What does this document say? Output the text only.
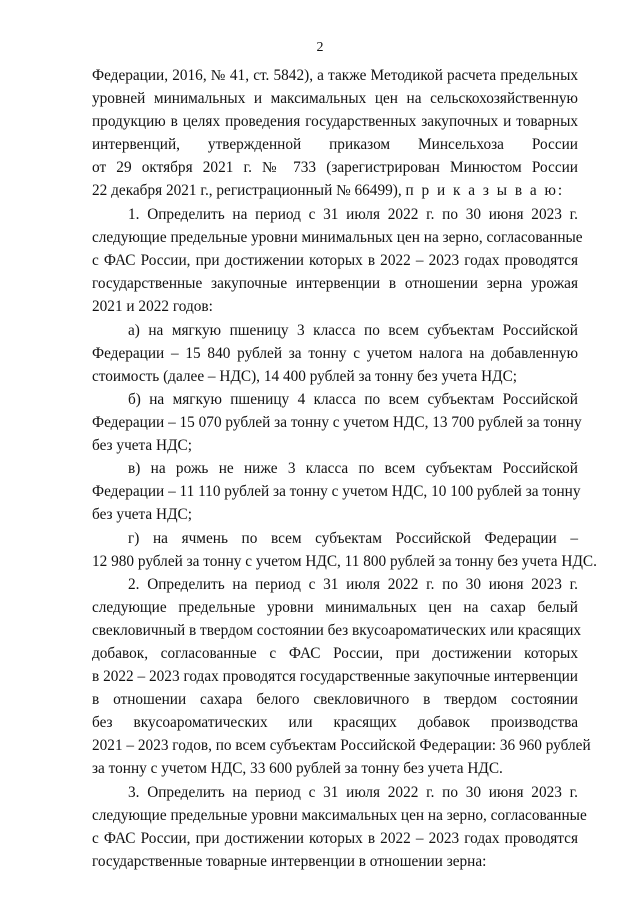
2
Федерации, 2016, № 41, ст. 5842), а также Методикой расчета предельных
уровней минимальных и максимальных цен на сельскохозяйственную
продукцию в целях проведения государственных закупочных и товарных
интервенций, утвержденной приказом Минсельхоза России
от 29 октября 2021 г. № 733 (зарегистрирован Минюстом России
22 декабря 2021 г., регистрационный № 66499), п р и к а з ы в а ю:
1. Определить на период с 31 июля 2022 г. по 30 июня 2023 г.
следующие предельные уровни минимальных цен на зерно, согласованные
с ФАС России, при достижении которых в 2022 – 2023 годах проводятся
государственные закупочные интервенции в отношении зерна урожая
2021 и 2022 годов:
а) на мягкую пшеницу 3 класса по всем субъектам Российской
Федерации – 15 840 рублей за тонну с учетом налога на добавленную
стоимость (далее – НДС), 14 400 рублей за тонну без учета НДС;
б) на мягкую пшеницу 4 класса по всем субъектам Российской
Федерации – 15 070 рублей за тонну с учетом НДС, 13 700 рублей за тонну
без учета НДС;
в) на рожь не ниже 3 класса по всем субъектам Российской
Федерации – 11 110 рублей за тонну с учетом НДС, 10 100 рублей за тонну
без учета НДС;
г) на ячмень по всем субъектам Российской Федерации –
12 980 рублей за тонну с учетом НДС, 11 800 рублей за тонну без учета НДС.
2. Определить на период с 31 июля 2022 г. по 30 июня 2023 г.
следующие предельные уровни минимальных цен на сахар белый
свекловичный в твердом состоянии без вкусоароматических или красящих
добавок, согласованные с ФАС России, при достижении которых
в 2022 – 2023 годах проводятся государственные закупочные интервенции
в отношении сахара белого свекловичного в твердом состоянии
без вкусоароматических или красящих добавок производства
2021 – 2023 годов, по всем субъектам Российской Федерации: 36 960 рублей
за тонну с учетом НДС, 33 600 рублей за тонну без учета НДС.
3. Определить на период с 31 июля 2022 г. по 30 июня 2023 г.
следующие предельные уровни максимальных цен на зерно, согласованные
с ФАС России, при достижении которых в 2022 – 2023 годах проводятся
государственные товарные интервенции в отношении зерна:
